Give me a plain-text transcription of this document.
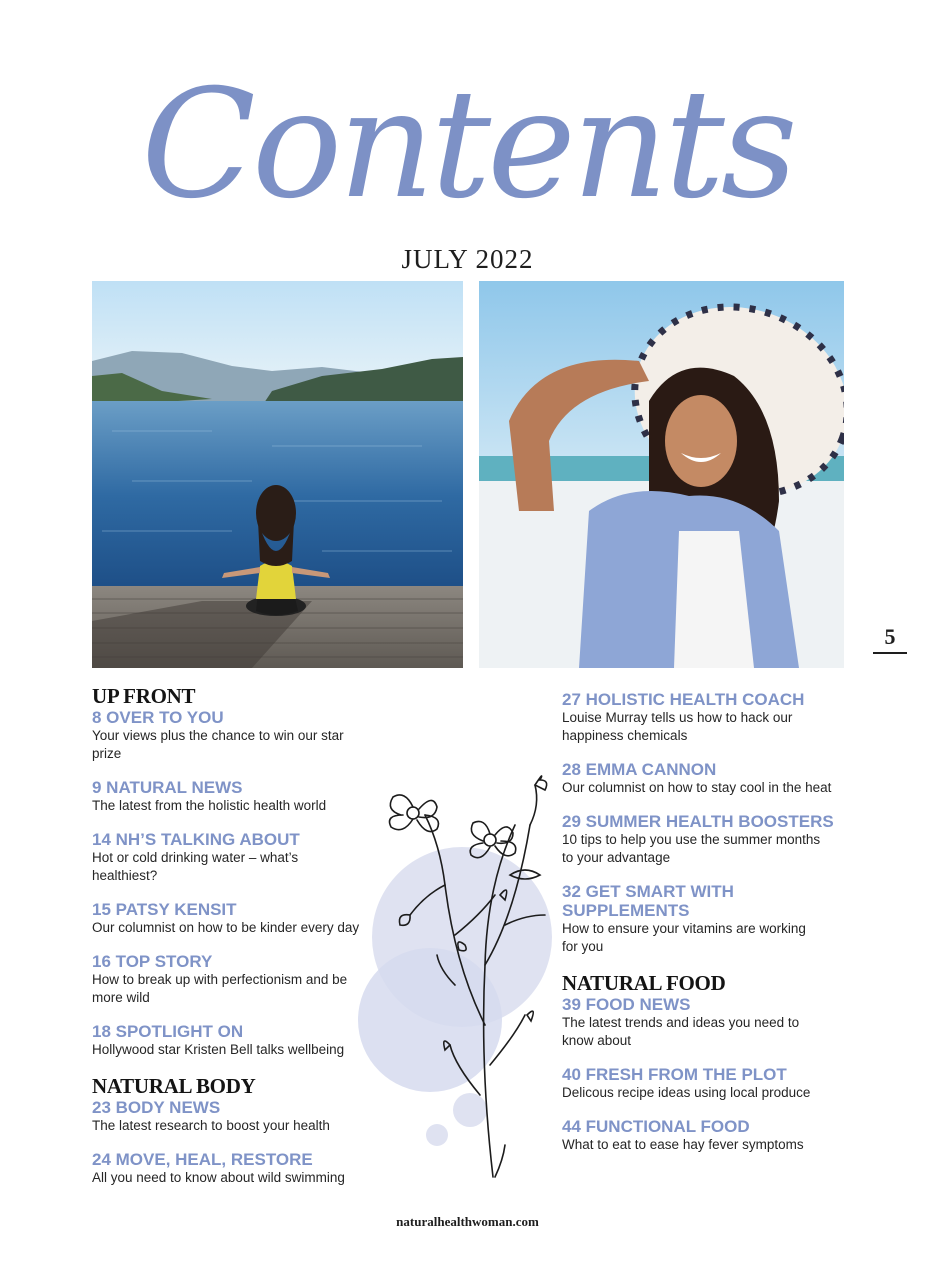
Contents
JULY 2022
5
UP FRONT

8 OVER TO YOU

Your views plus the chance to win our star prize

9 NATURAL NEWS

The latest from the holistic health world

14 NH’S TALKING ABOUT

Hot or cold drinking water – what’s healthiest?

15 PATSY KENSIT

Our columnist on how to be kinder every day

16 TOP STORY

How to break up with perfectionism and be more wild

18 SPOTLIGHT ON

Hollywood star Kristen Bell talks wellbeing

NATURAL BODY

23 BODY NEWS

The latest research to boost your health

24 MOVE, HEAL, RESTORE

All you need to know about wild swimming

27 HOLISTIC HEALTH COACH

Louise Murray tells us how to hack our happiness chemicals

28 EMMA CANNON

Our columnist on how to stay cool in the heat

29 SUMMER HEALTH BOOSTERS

10 tips to help you use the summer months to your advantage

32 GET SMART WITH SUPPLEMENTS

How to ensure your vitamins are working for you

NATURAL FOOD

39 FOOD NEWS

The latest trends and ideas you need to know about

40 FRESH FROM THE PLOT

Delicous recipe ideas using local produce

44 FUNCTIONAL FOOD

What to eat to ease hay fever symptoms

naturalhealthwoman.com
